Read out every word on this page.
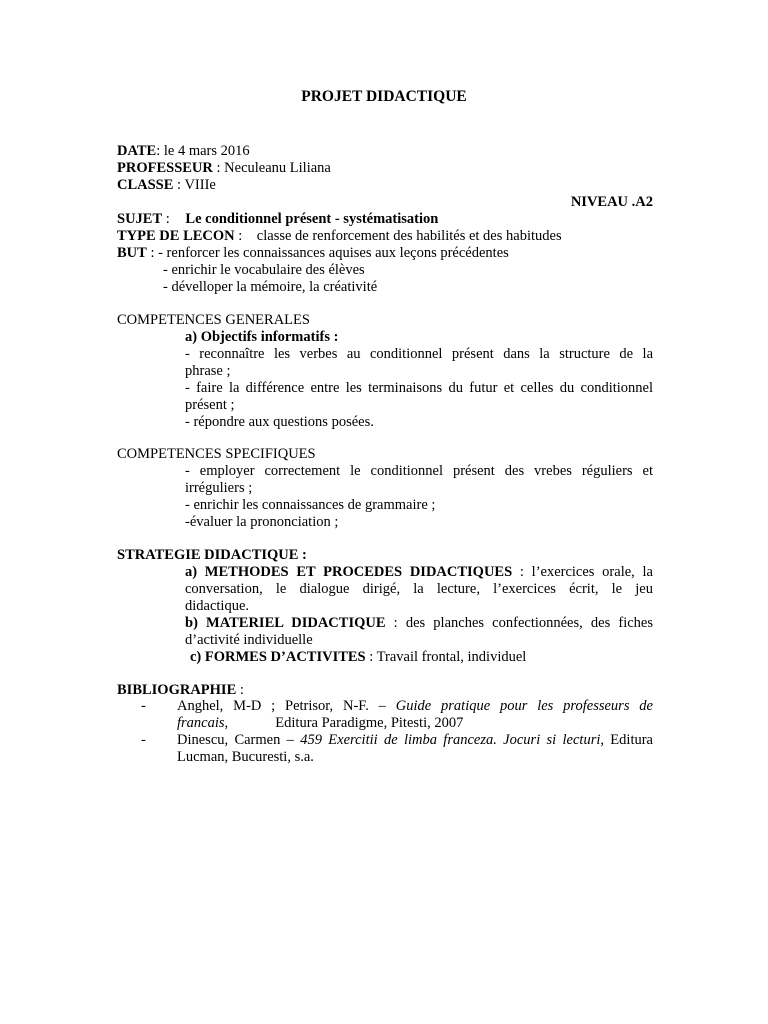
PROJET DIDACTIQUE
DATE: le 4 mars 2016
PROFESSEUR : Neculeanu Liliana
CLASSE : VIIIe
NIVEAU .A2
SUJET : Le conditionnel présent - systématisation
TYPE DE LECON :    classe de renforcement des habilités et des habitudes
BUT : - renforcer les connaissances aquises aux leçons précédentes
- enrichir le vocabulaire des élèves
- dévelloper la mémoire, la créativité
COMPETENCES GENERALES
a) Objectifs informatifs :
- reconnaître les verbes au conditionnel présent dans la structure de la
phrase ;
- faire la différence entre les terminaisons du futur et celles du conditionnel
présent ;
- répondre aux questions posées.
COMPETENCES SPECIFIQUES
- employer correctement le conditionnel présent des vrebes réguliers et
irréguliers ;
- enrichir les connaissances de grammaire ;
-évaluer la prononciation ;
STRATEGIE DIDACTIQUE :
a) METHODES ET PROCEDES DIDACTIQUES : l’exercices orale, la
conversation, le dialogue dirigé, la lecture, l’exercices écrit, le jeu
didactique.
b) MATERIEL DIDACTIQUE : des planches confectionnées, des fiches
d’activité individuelle
c) FORMES D’ACTIVITES : Travail frontal, individuel
BIBLIOGRAPHIE :
- Anghel, M-D ; Petrisor, N-F. – Guide pratique pour les professeurs de
francais,             Editura Paradigme, Pitesti, 2007
- Dinescu, Carmen – 459 Exercitii de limba franceza. Jocuri si lecturi, Editura
Lucman, Bucuresti, s.a.
